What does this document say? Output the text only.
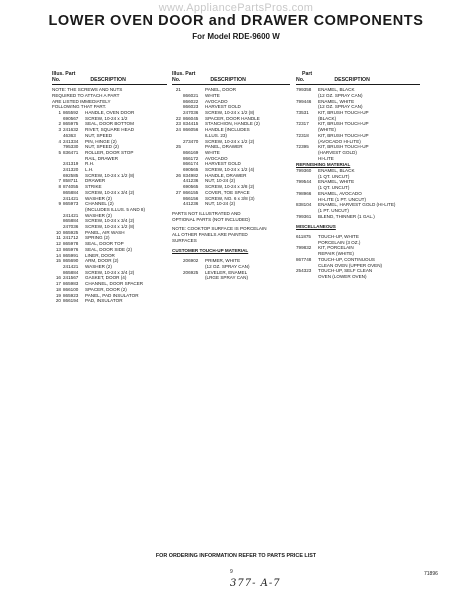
www.AppliancePartsPros.com
LOWER OVEN DOOR and DRAWER COMPONENTS
For Model RDE-9600 W
Illus. Part
No.	DESCRIPTION
NOTE: THE SCREWS AND NUTS
REQUIRED TO ATTACH A PART
ARE LISTED IMMEDIATELY
FOLLOWING THAT PART.
1 865592	HANDLE, OVEN DOOR
690567	SCREW, 10-24 x 1/2
2 865975	SEAL, DOOR BOTTOM
3 241632	RIVET, SQUARE HEAD
46363	NUT, SPEED
4 241334	PIN, HINGE (2)
795330	NUT, SPEED (2)
5 836471	ROLLER, DOOR STOP
RAIL, DRAWER
241319	R.H.
241320	L.H.
692585	SCREW, 10-24 x 1/2 (8)
7 858711	DRAWER
8 874055	STRIKE
865884	SCREW, 10-24 x 3/4 (2)
241421	WASHER (2)
9 865973	CHANNEL (2)
(INCLUDES ILLUS. 5 AND 8)
241421	WASHER (2)
865884	SCREW, 10-24 x 3/4 (2)
247036	SCREW, 10-24 x 1/2 (8)
10 865925	PANEL, AIR WASH
11 241712	SPRING (2)
12 865978	SEAL, DOOR TOP
13 865976	SEAL, DOOR SIDE (2)
14 865991	LINER, DOOR
15 865690	ARM, DOOR (2)
241421	WASHER (2)
865884	SCREW, 10-24 x 3/4 (2)
16 241567	GASKET, DOOR (4)
17 865983	CHANNEL, DOOR SPACER
18 866100	SPACER, DOOR (2)
19 865923	PANEL, PAD INSULATOR
20 866194	PAD, INSULATOR
Illus. Part
No.	DESCRIPTION
21	PANEL, DOOR
866021	WHITE
866022	AVOCADO
866023	HARVEST GOLD
247036	SCREW, 10-24 x 1/2 (8)
22 866045	SPACER, DOOR HANDLE
23 834415	STANCHION, HANDLE (2)
24 866056	HANDLE (INCLUDES
ILLUS. 23)
273470	SCREW, 10-24 x 1/2 (2)
25	PANEL, DRAWER
866169	WHITE
866172	AVOCADO
866174	HARVEST GOLD
690565	SCREW, 10-24 x 1/2 (4)
26 834982	HANDLE, DRAWER
441236	NUT, 10-24 (2)
690565	SCREW, 10-24 x 3/8 (2)
27 866155	COVER, TOE SPACE
866156	SCREW, NO. 6 x 3/8 (3)
441236	NUT, 10-24 (2)
PARTS NOT ILLUSTRATED AND
OPTIONAL PARTS (NOT INCLUDED)
NOTE: COOKTOP SURFACE IS PORCELAIN
ALL OTHER PANELS ARE PAINTED
SURFACES
CUSTOMER TOUCH-UP MATERIAL
206902	PRIMER, WHITE
(12 OZ. SPRAY CAN)
206925	LEVELER, ENAMEL
(LRGE SPRAY CAN)
Part
No.	DESCRIPTION
799358	ENAMEL, BLACK
(12 OZ. SPRAY CAN)
799446	ENAMEL, WHITE
(12 OZ. SPRAY CAN)
73531	KIT, BRUSH TOUCH-UP
(BLACK)
72317	KIT, BRUSH TOUCH-UP
(WHITE)
72318	KIT, BRUSH TOUCH-UP
(AVOCADO HI-LITE)
72395	KIT, BRUSH TOUCH-UP
(HARVEST GOLD)
HI-LITE
REFINISHING MATERIAL
799360	ENAMEL, BLACK
(1 QT. UNCUT)
799544	ENAMEL, WHITE
(1 QT. UNCUT)
798966	ENAMEL, AVOCADO
HI-LITE (1 PT. UNCUT)
838104	ENAMEL, HARVEST GOLD (HI-LITE)
(1 PT. UNCUT)
799361	BLEND, THINNER (1 GAL.)
MISCELLANEOUS
611875	TOUCH-UP, WHITE
PORCELAIN (3 OZ.)
799832	KIT, PORCELAIN
REPAIR (WHITE)
867748	TOUCH-UP, CONTINUOUS
CLEAN OVEN (UPPER OVEN)
254323	TOUCH-UP, SELF CLEAN
OVEN (LOWER OVEN)
FOR ORDERING INFORMATION REFER TO PARTS PRICE LIST
9	71896
377- A-7
